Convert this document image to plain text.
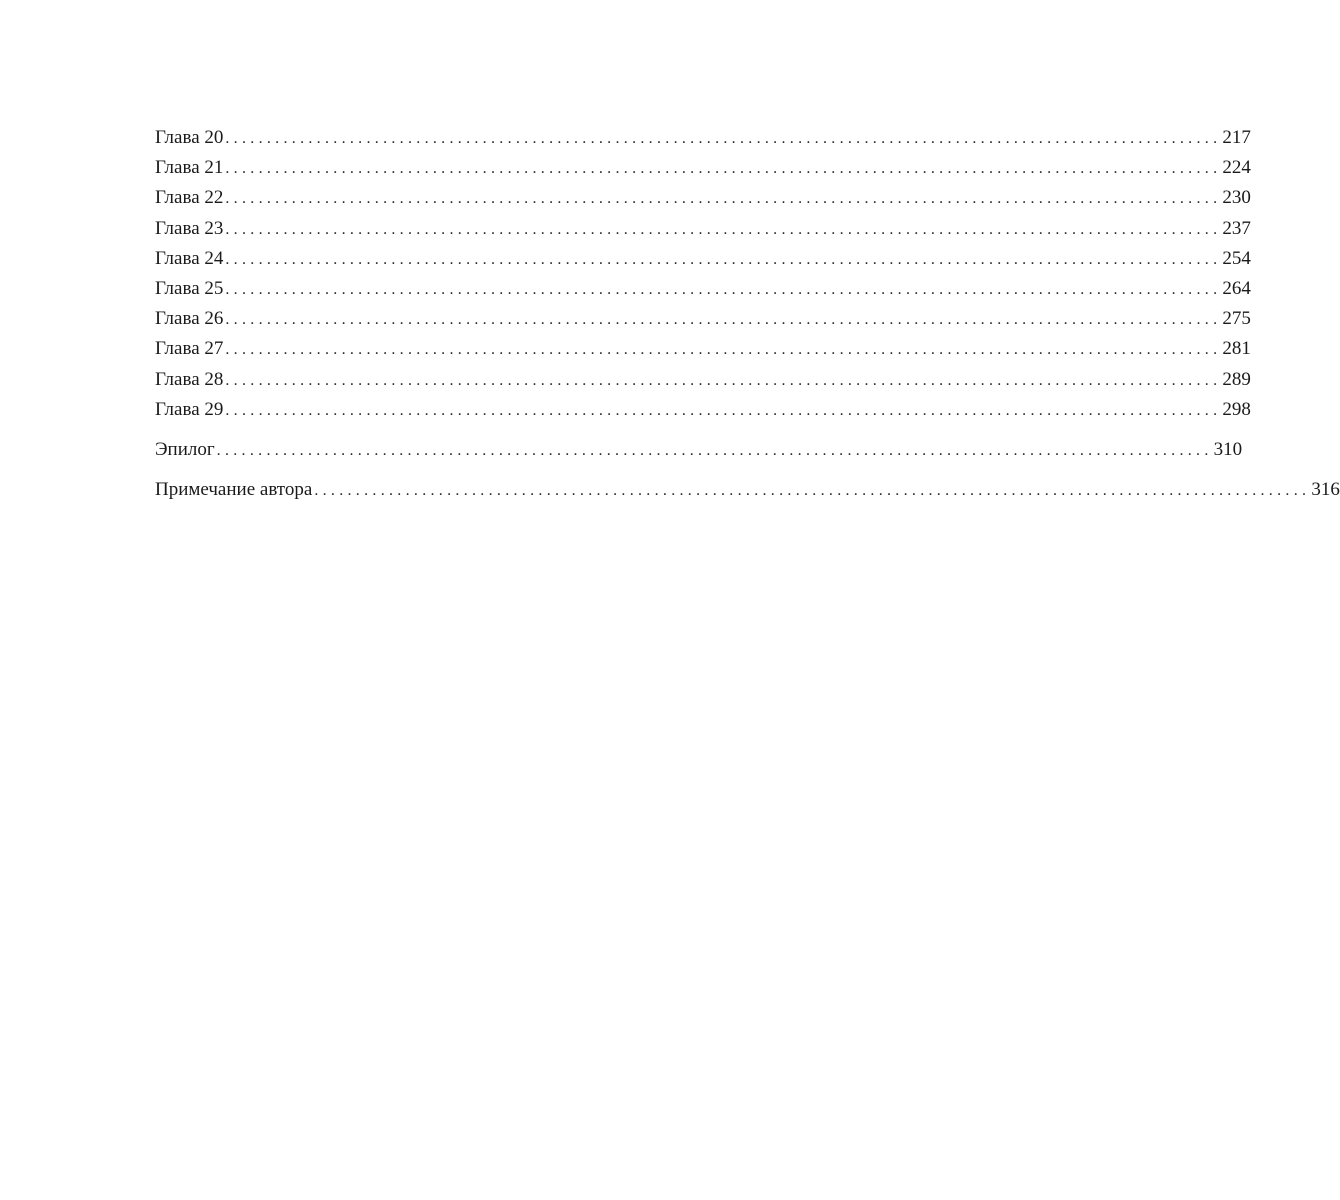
Глава 20 ........................................................................................................................ 217
Глава 21 ........................................................................................................................ 224
Глава 22 ........................................................................................................................ 230
Глава 23 ........................................................................................................................ 237
Глава 24 ........................................................................................................................ 254
Глава 25 ........................................................................................................................ 264
Глава 26 ........................................................................................................................ 275
Глава 27 ........................................................................................................................ 281
Глава 28 ........................................................................................................................ 289
Глава 29 ........................................................................................................................ 298
Эпилог ........................................................................................................................ 310
Примечание автора ........................................................................................................................ 316
